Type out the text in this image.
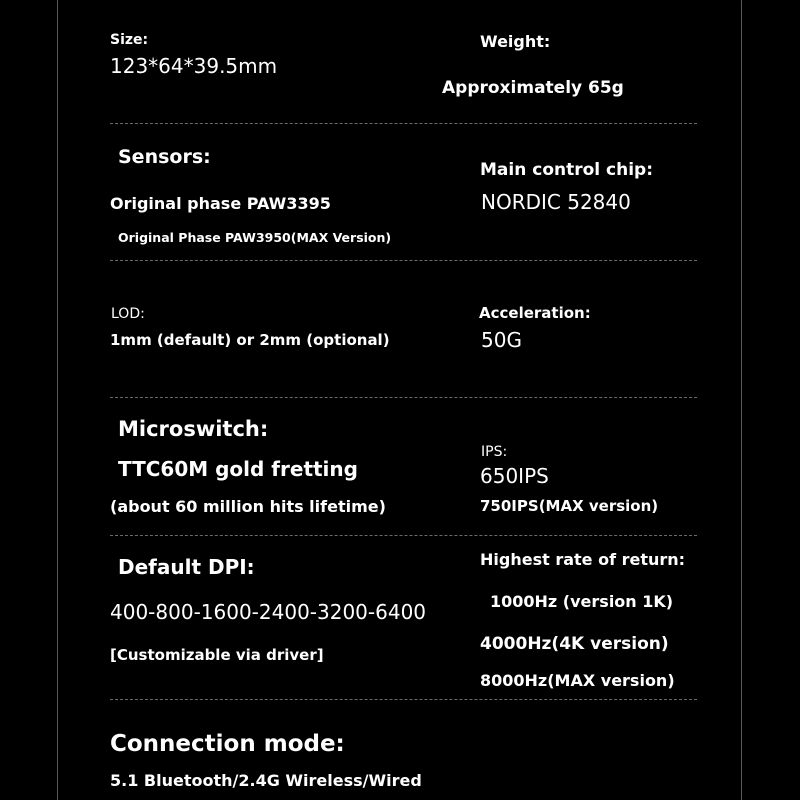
Size:
123*64*39.5mm
Weight:
Approximately 65g
Sensors:
Original phase PAW3395
Original Phase PAW3950(MAX Version)
Main control chip:
NORDIC 52840
LOD:
1mm (default) or 2mm (optional)
Acceleration:
50G
Microswitch:
TTC60M gold fretting
(about 60 million hits lifetime)
IPS:
650IPS
750IPS(MAX version)
Default DPI:
400-800-1600-2400-3200-6400
[Customizable via driver]
Highest rate of return:
1000Hz (version 1K)
4000Hz(4K version)
8000Hz(MAX version)
Connection mode:
5.1 Bluetooth/2.4G Wireless/Wired
